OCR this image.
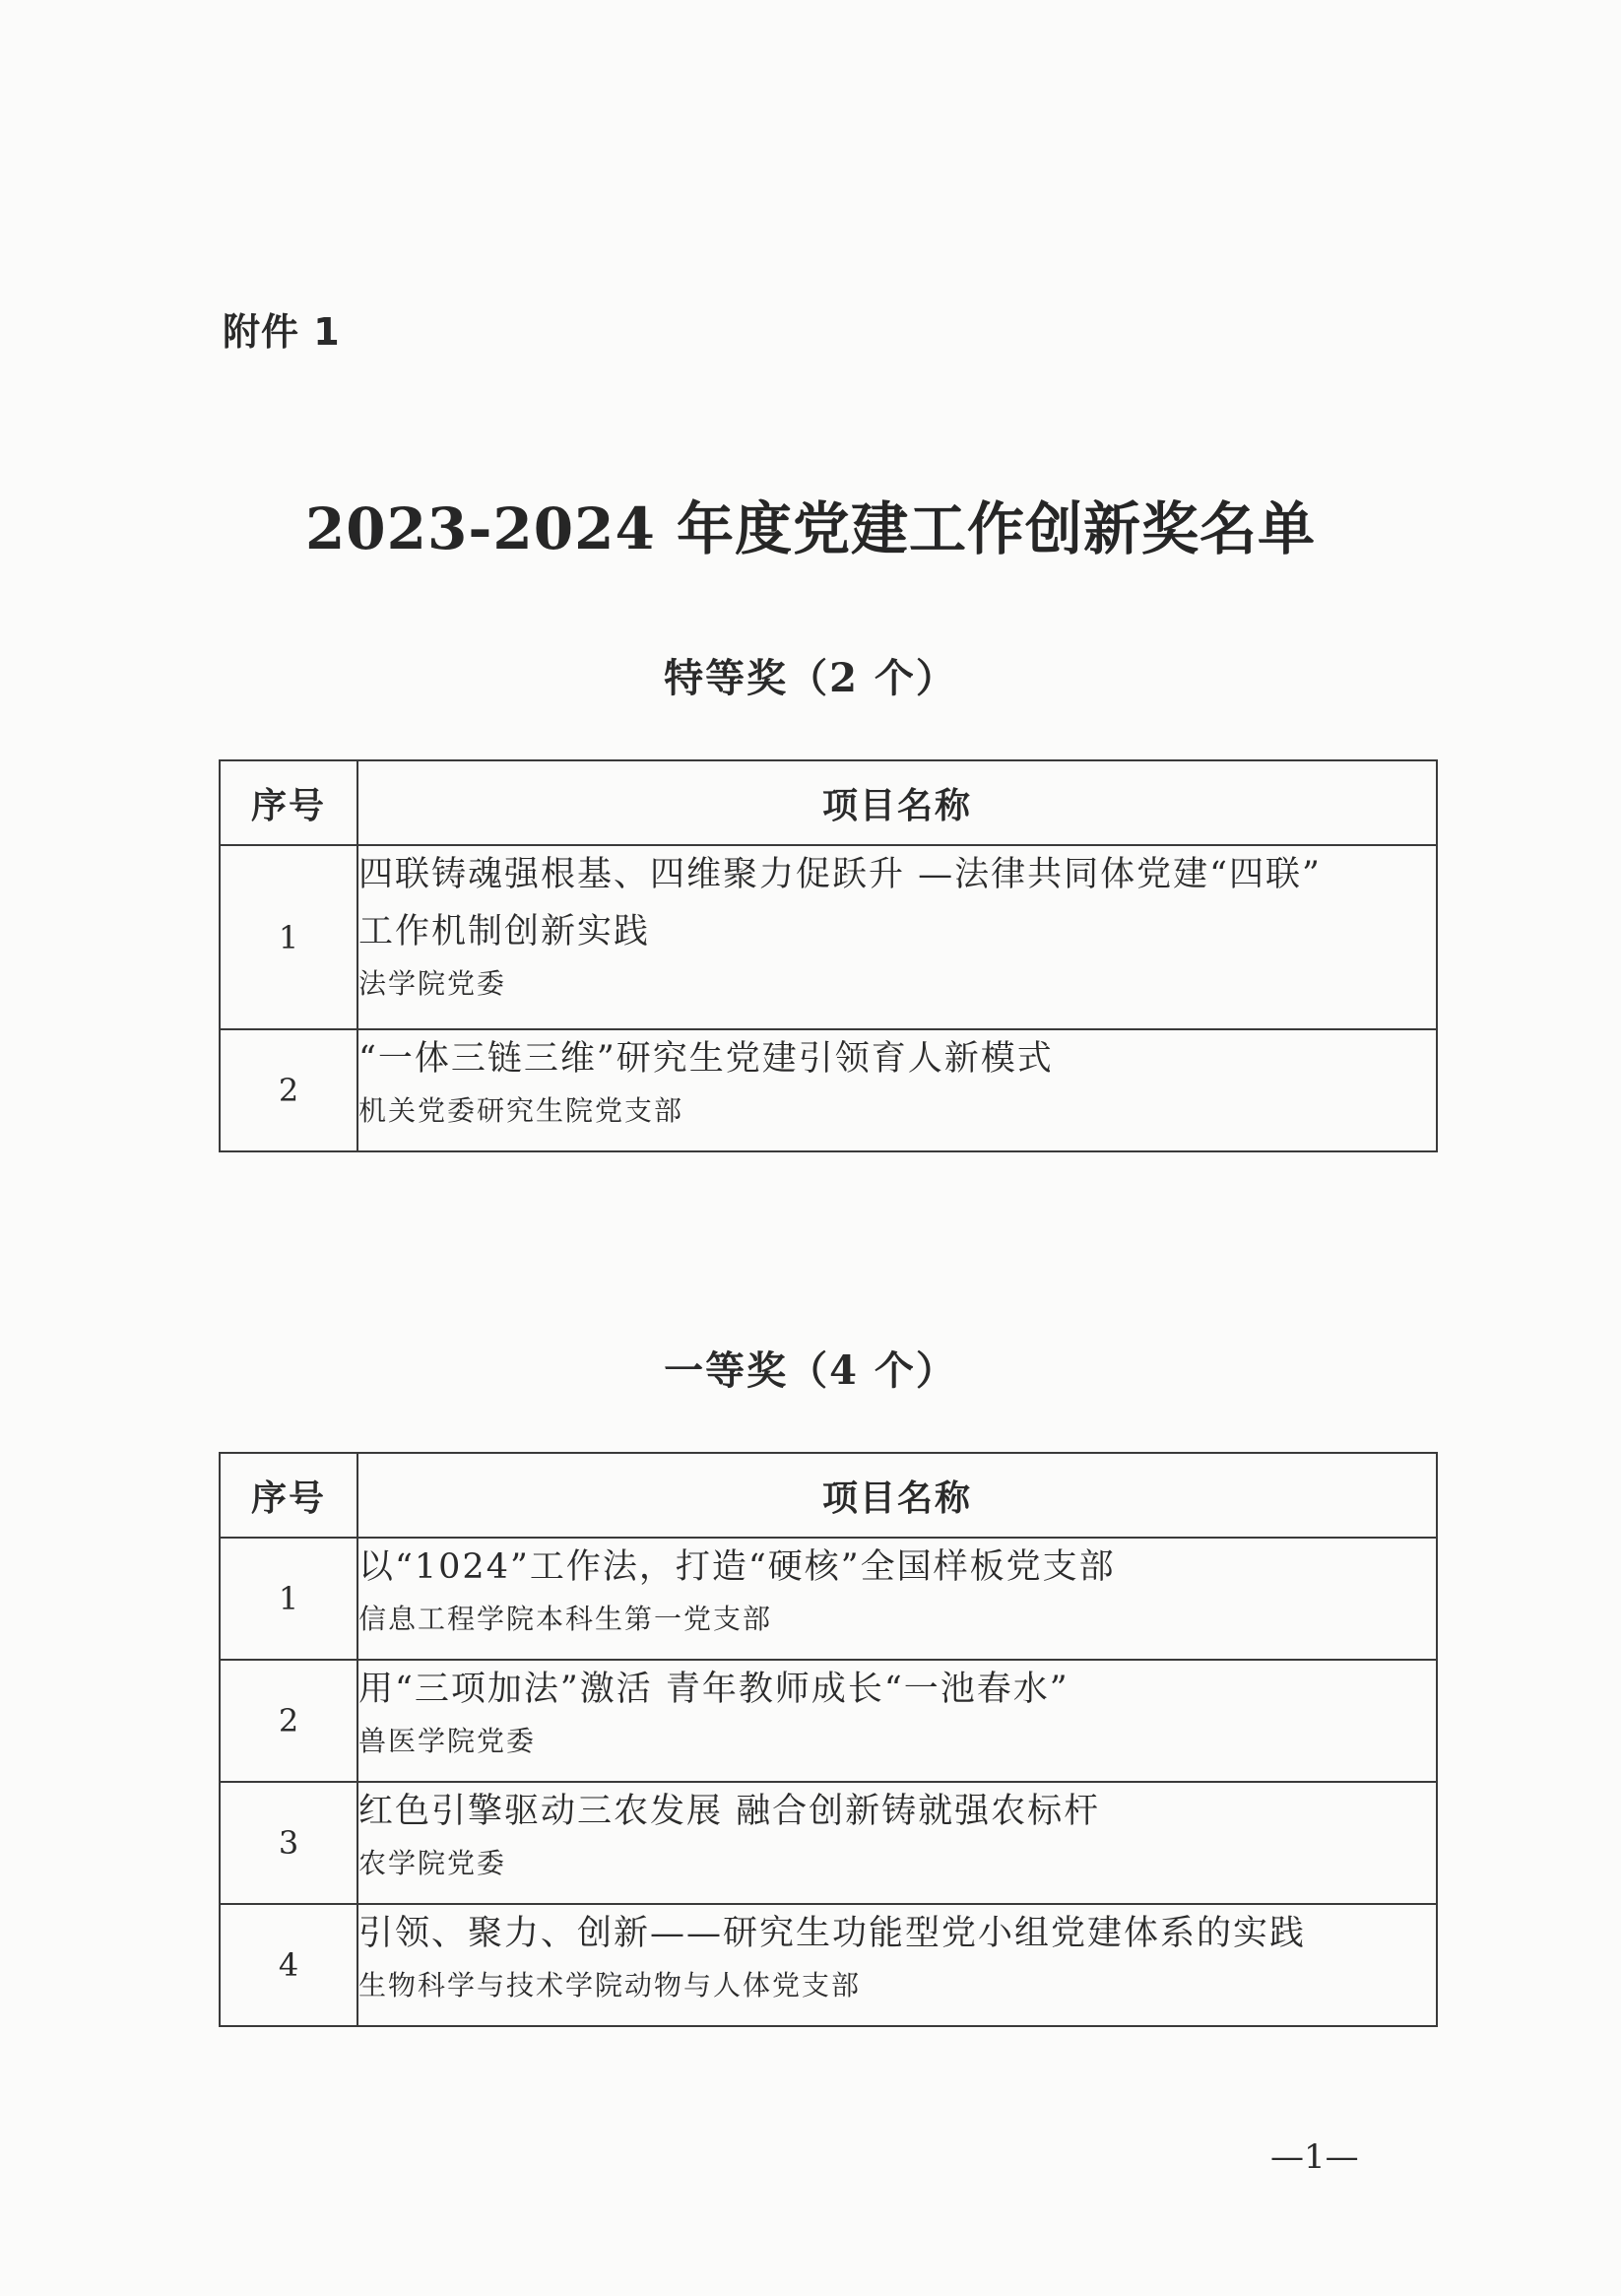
附件 1
2023-2024 年度党建工作创新奖名单
特等奖（2 个）
序号	项目名称
1	四联铸魂强根基、四维聚力促跃升 —法律共同体党建“四联”
工作机制创新实践
法学院党委

2	“一体三链三维”研究生党建引领育人新模式
机关党委研究生院党支部
一等奖（4 个）
序号	项目名称
1	以“1024”工作法，打造“硬核”全国样板党支部
信息工程学院本科生第一党支部

2	用“三项加法”激活 青年教师成长“一池春水”
兽医学院党委

3	红色引擎驱动三农发展 融合创新铸就强农标杆
农学院党委

4	引领、聚力、创新——研究生功能型党小组党建体系的实践
生物科学与技术学院动物与人体党支部
—1—
